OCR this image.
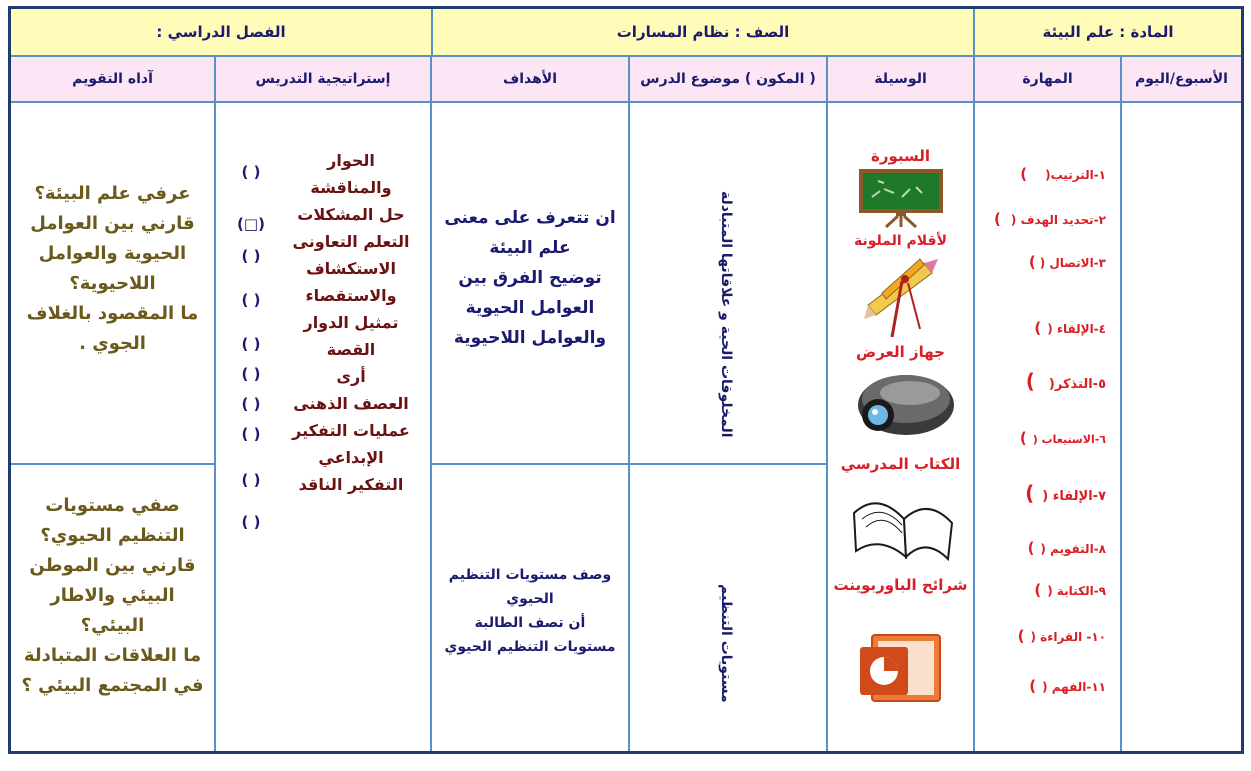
المادة : علم البيئة
الصف : نظام المسارات
الفصل الدراسي :
الأسبوع/اليوم
المهارة
الوسيلة
( المكون ) موضوع الدرس
الأهداف
إستراتيجية التدريس
آداه التقويم
١-الترتيب()
٢-تحديد الهدف ()
٣-الاتصال ()
٤-الإلقاء ()
٥-التذكر()
٦-الاستيعاب ()
٧-الإلقاء ()
٨-التقويم ()
٩-الكتابة ()
١٠- القراءة ()
١١-الفهم ()
السبورة
لأقلام الملونة
جهاز العرض
الكتاب المدرسي
شرائح الباوربوينت
المخلوقات الحية و علاقاتها المتبادلة
مستويات التنظيم
ان تتعرف على معنى
علم البيئة
توضيح الفرق بين
العوامل الحيوية
والعوامل اللاحيوية
وصف مستويات التنظيم
الحيوي
أن تصف الطالبة
مستويات التنظيم الحيوي
الحوار
والمناقشة
حل المشكلات
التعلم التعاونى
الاستكشاف
والاستقصاء
تمثيل الدوار
القصة
أرى
العصف الذهنى
عمليات التفكير
الإبداعي
التفكير الناقد
( )
(□)
( )
( )
( )
( )
( )
( )
( )
( )
عرفي علم البيئة؟
قارني بين العوامل
الحيوية والعوامل
اللاحيوية؟
ما المقصود بالغلاف
الجوي .
صفي مستويات
التنظيم الحيوي؟
قارني بين الموطن
البيئي والاطار
البيئي؟
ما العلاقات المتبادلة
في المجتمع البيئي ؟
